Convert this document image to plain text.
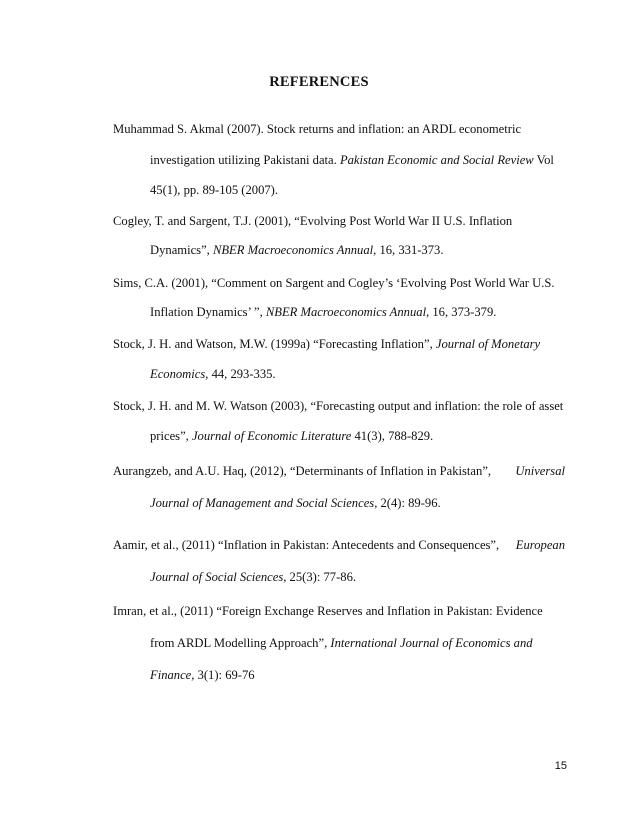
REFERENCES
Muhammad S. Akmal (2007). Stock returns and inflation: an ARDL econometric
investigation utilizing Pakistani data. Pakistan Economic and Social Review Vol
45(1), pp. 89-105 (2007).
Cogley, T. and Sargent, T.J. (2001), “Evolving Post World War II U.S. Inflation
Dynamics”, NBER Macroeconomics Annual, 16, 331-373.
Sims, C.A. (2001), “Comment on Sargent and Cogley’s ‘Evolving Post World War U.S.
Inflation Dynamics’ ”, NBER Macroeconomics Annual, 16, 373-379.
Stock, J. H. and Watson, M.W. (1999a) “Forecasting Inflation”, Journal of Monetary
Economics, 44, 293-335.
Stock, J. H. and M. W. Watson (2003), “Forecasting output and inflation: the role of asset
prices”, Journal of Economic Literature 41(3), 788-829.
Aurangzeb, and A.U. Haq, (2012), “Determinants of Inflation in Pakistan”, Universal
Journal of Management and Social Sciences, 2(4): 89-96.
Aamir, et al., (2011) “Inflation in Pakistan: Antecedents and Consequences”, European
Journal of Social Sciences, 25(3): 77-86.
Imran, et al., (2011) “Foreign Exchange Reserves and Inflation in Pakistan: Evidence
from ARDL Modelling Approach”, International Journal of Economics and
Finance, 3(1): 69-76
15
